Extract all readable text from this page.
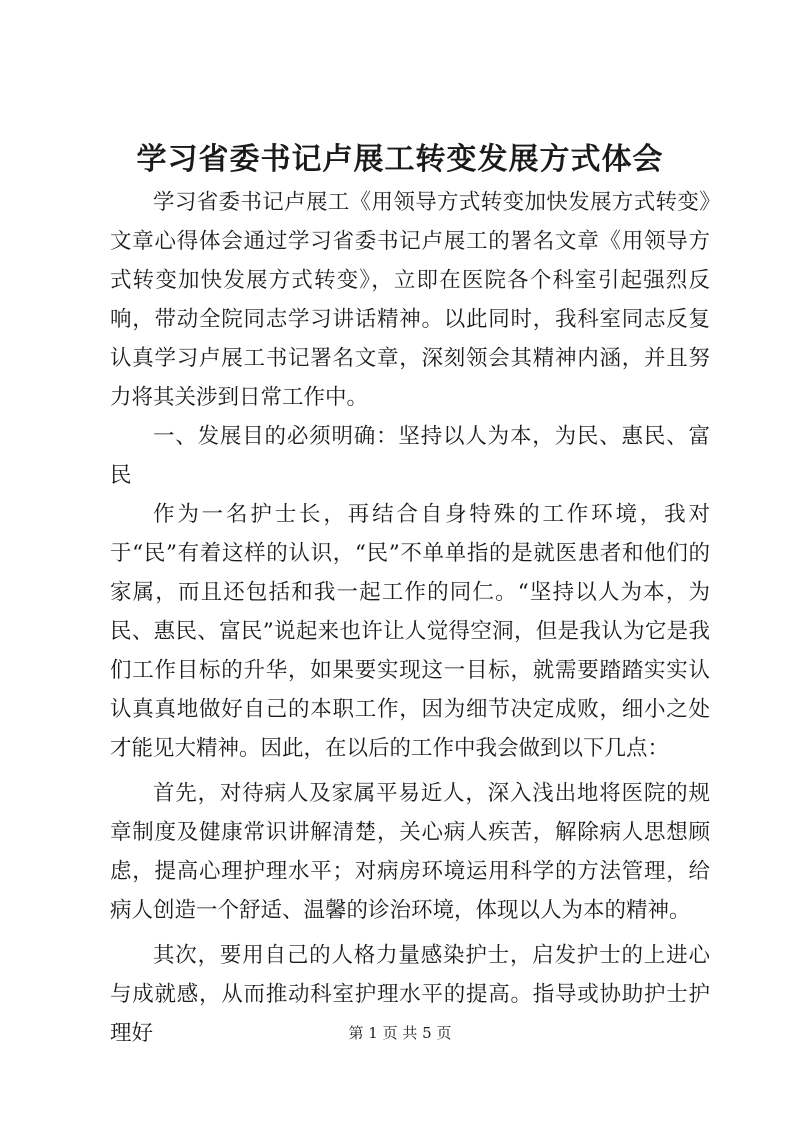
学习省委书记卢展工转变发展方式体会

学习省委书记卢展工《用领导方式转变加快发展方式转变》文章心得体会通过学习省委书记卢展工的署名文章《用领导方式转变加快发展方式转变》，立即在医院各个科室引起强烈反响，带动全院同志学习讲话精神。以此同时，我科室同志反复认真学习卢展工书记署名文章，深刻领会其精神内涵，并且努力将其关涉到日常工作中。

一、发展目的必须明确：坚持以人为本，为民、惠民、富民

作为一名护士长，再结合自身特殊的工作环境，我对于“民”有着这样的认识，“民”不单单指的是就医患者和他们的家属，而且还包括和我一起工作的同仁。“坚持以人为本，为民、惠民、富民”说起来也许让人觉得空洞，但是我认为它是我们工作目标的升华，如果要实现这一目标，就需要踏踏实实认认真真地做好自己的本职工作，因为细节决定成败，细小之处才能见大精神。因此，在以后的工作中我会做到以下几点：

首先，对待病人及家属平易近人，深入浅出地将医院的规章制度及健康常识讲解清楚，关心病人疾苦，解除病人思想顾虑，提高心理护理水平；对病房环境运用科学的方法管理，给病人创造一个舒适、温馨的诊治环境，体现以人为本的精神。

其次，要用自己的人格力量感染护士，启发护士的上进心与成就感，从而推动科室护理水平的提高。指导或协助护士护理好	第 1 页 共 5 页
